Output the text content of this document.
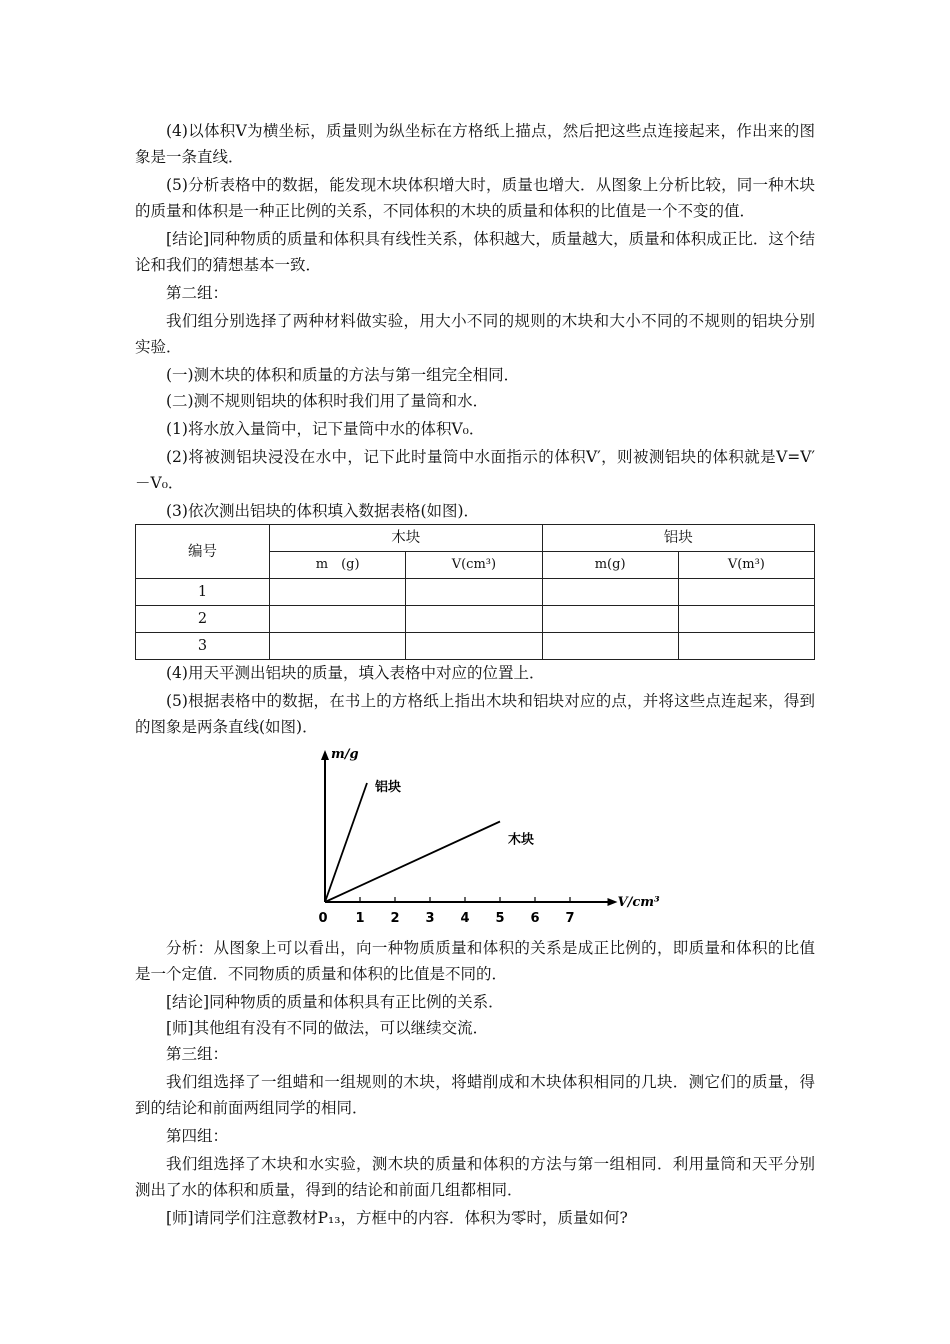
(4)以体积V为横坐标，质量则为纵坐标在方格纸上描点，然后把这些点连接起来，作出来的图象是一条直线．

(5)分析表格中的数据，能发现木块体积增大时，质量也增大．从图象上分析比较，同一种木块的质量和体积是一种正比例的关系，不同体积的木块的质量和体积的比值是一个不变的值．

[结论]同种物质的质量和体积具有线性关系，体积越大，质量越大，质量和体积成正比．这个结论和我们的猜想基本一致．

第二组：

我们组分别选择了两种材料做实验，用大小不同的规则的木块和大小不同的不规则的铝块分别实验．

(一)测木块的体积和质量的方法与第一组完全相同．

(二)测不规则铝块的体积时我们用了量筒和水．

(1)将水放入量筒中，记下量筒中水的体积V₀．

(2)将被测铝块浸没在水中，记下此时量筒中水面指示的体积V′，则被测铝块的体积就是V=V′－V₀．

(3)依次测出铝块的体积填入数据表格(如图)．

编号	木块		铝块	
	m　(g)	V(cm³)	m(g)	V(m³)
1				
2				
3				

(4)用天平测出铝块的质量，填入表格中对应的位置上．

(5)根据表格中的数据，在书上的方格纸上指出木块和铝块对应的点，并将这些点连起来，得到的图象是两条直线(如图)．

0 1 2 3 4 5 6 7
m/g
V/cm³
铝块
木块

分析：从图象上可以看出，向一种物质质量和体积的关系是成正比例的，即质量和体积的比值是一个定值．不同物质的质量和体积的比值是不同的．

[结论]同种物质的质量和体积具有正比例的关系．

[师]其他组有没有不同的做法，可以继续交流．

第三组：

我们组选择了一组蜡和一组规则的木块，将蜡削成和木块体积相同的几块．测它们的质量，得到的结论和前面两组同学的相同．

第四组：

我们组选择了木块和水实验，测木块的质量和体积的方法与第一组相同．利用量筒和天平分别测出了水的体积和质量，得到的结论和前面几组都相同．

[师]请同学们注意教材P₁₃，方框中的内容．体积为零时，质量如何?
